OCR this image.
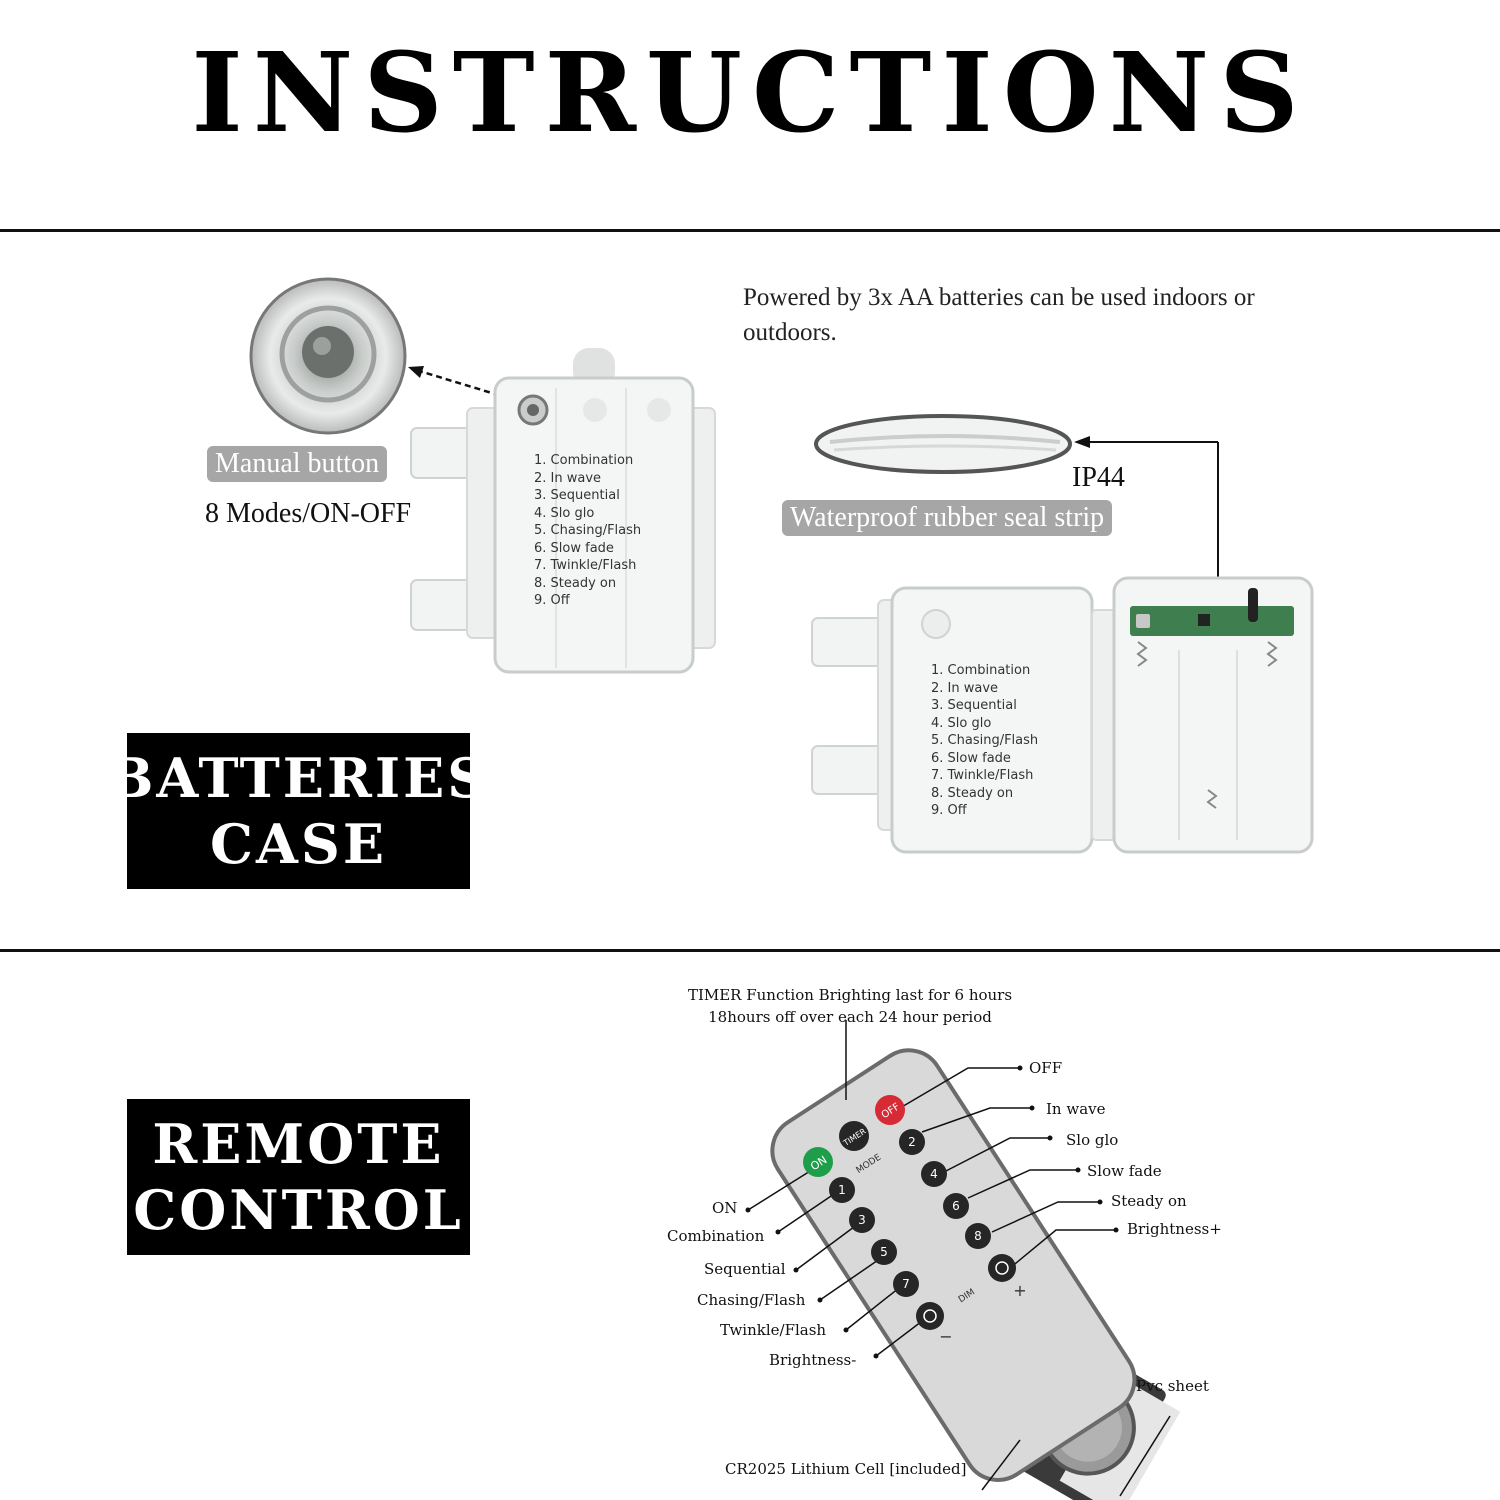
INSTRUCTIONS
Manual button
8 Modes/ON-OFF
1. Combination
2. In wave
3. Sequential
4. Slo glo
5. Chasing/Flash
6. Slow fade
7. Twinkle/Flash
8. Steady on
9. Off
Powered by 3x AA batteries can be used indoors or outdoors.
IP44
Waterproof rubber seal strip
1. Combination
2. In wave
3. Sequential
4. Slo glo
5. Chasing/Flash
6. Slow fade
7. Twinkle/Flash
8. Steady on
9. Off
BATTERIES
CASE
REMOTE
CONTROL
TIMER Function Brighting last for 6 hours
18hours off over each 24 hour period
ON
TIMER
OFF
MODE
2
1
4
3
6
5
8
7	+
−
DIM
OFF
In wave
Slo glo
Slow fade
Steady on
Brightness+
ON
Combination
Sequential
Chasing/Flash
Twinkle/Flash
Brightness-
Pvc sheet
CR2025 Lithium Cell [included]
